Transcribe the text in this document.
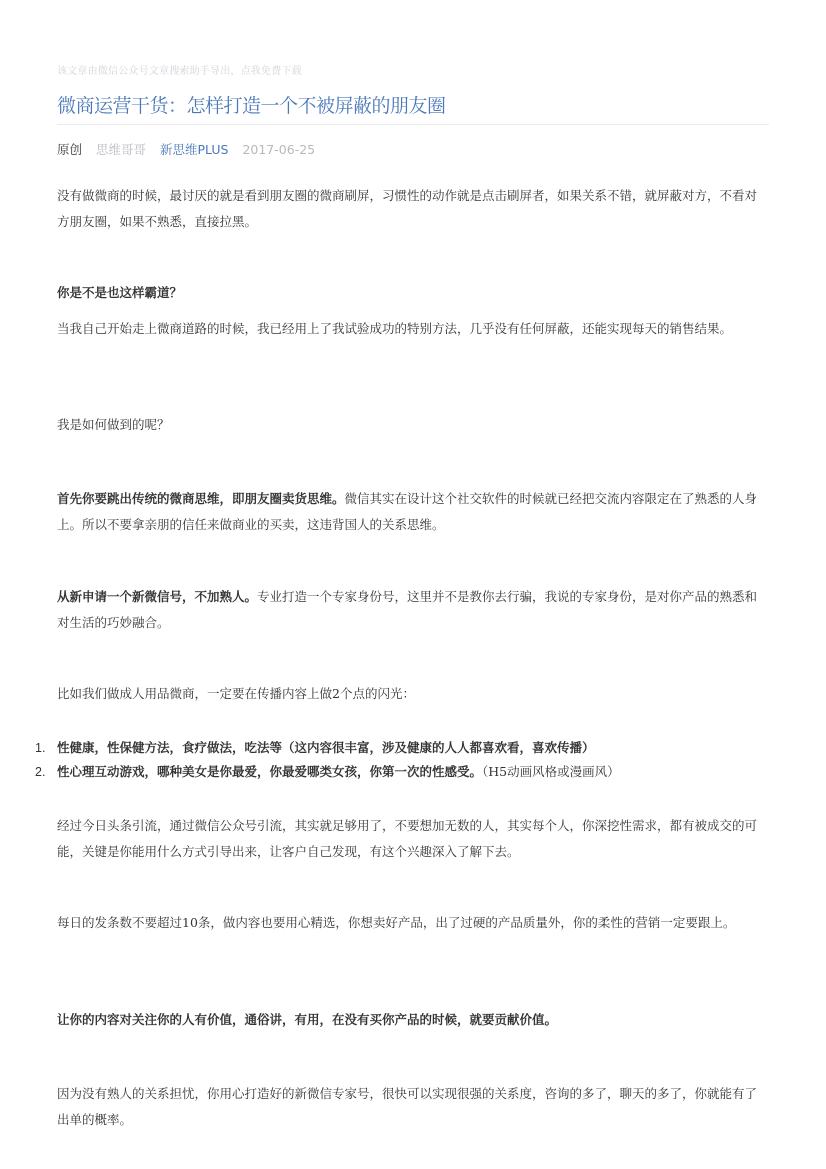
该文章由微信公众号文章搜索助手导出，点我免费下载
微商运营干货：怎样打造一个不被屏蔽的朋友圈
原创 思维哥哥 新思维PLUS 2017-06-25

没有做微商的时候，最讨厌的就是看到朋友圈的微商刷屏，习惯性的动作就是点击刷屏者，如果关系不错，就屏蔽对方，不看对方朋友圈，如果不熟悉，直接拉黑。

你是不是也这样霸道？

当我自己开始走上微商道路的时候，我已经用上了我试验成功的特别方法，几乎没有任何屏蔽，还能实现每天的销售结果。

我是如何做到的呢？

首先你要跳出传统的微商思维，即朋友圈卖货思维。微信其实在设计这个社交软件的时候就已经把交流内容限定在了熟悉的人身上。所以不要拿亲朋的信任来做商业的买卖，这违背国人的关系思维。

从新申请一个新微信号，不加熟人。专业打造一个专家身份号，这里并不是教你去行骗，我说的专家身份，是对你产品的熟悉和对生活的巧妙融合。

比如我们做成人用品微商，一定要在传播内容上做2个点的闪光：

1. 性健康，性保健方法，食疗做法，吃法等（这内容很丰富，涉及健康的人人都喜欢看，喜欢传播）
2. 性心理互动游戏，哪种美女是你最爱，你最爱哪类女孩，你第一次的性感受。（H5动画风格或漫画风）

经过今日头条引流，通过微信公众号引流，其实就足够用了，不要想加无数的人，其实每个人，你深挖性需求，都有被成交的可能，关键是你能用什么方式引导出来，让客户自己发现，有这个兴趣深入了解下去。

每日的发条数不要超过10条，做内容也要用心精选，你想卖好产品，出了过硬的产品质量外，你的柔性的营销一定要跟上。

让你的内容对关注你的人有价值，通俗讲，有用，在没有买你产品的时候，就要贡献价值。

因为没有熟人的关系担忧，你用心打造好的新微信专家号，很快可以实现很强的关系度，咨询的多了，聊天的多了，你就能有了出单的概率。
